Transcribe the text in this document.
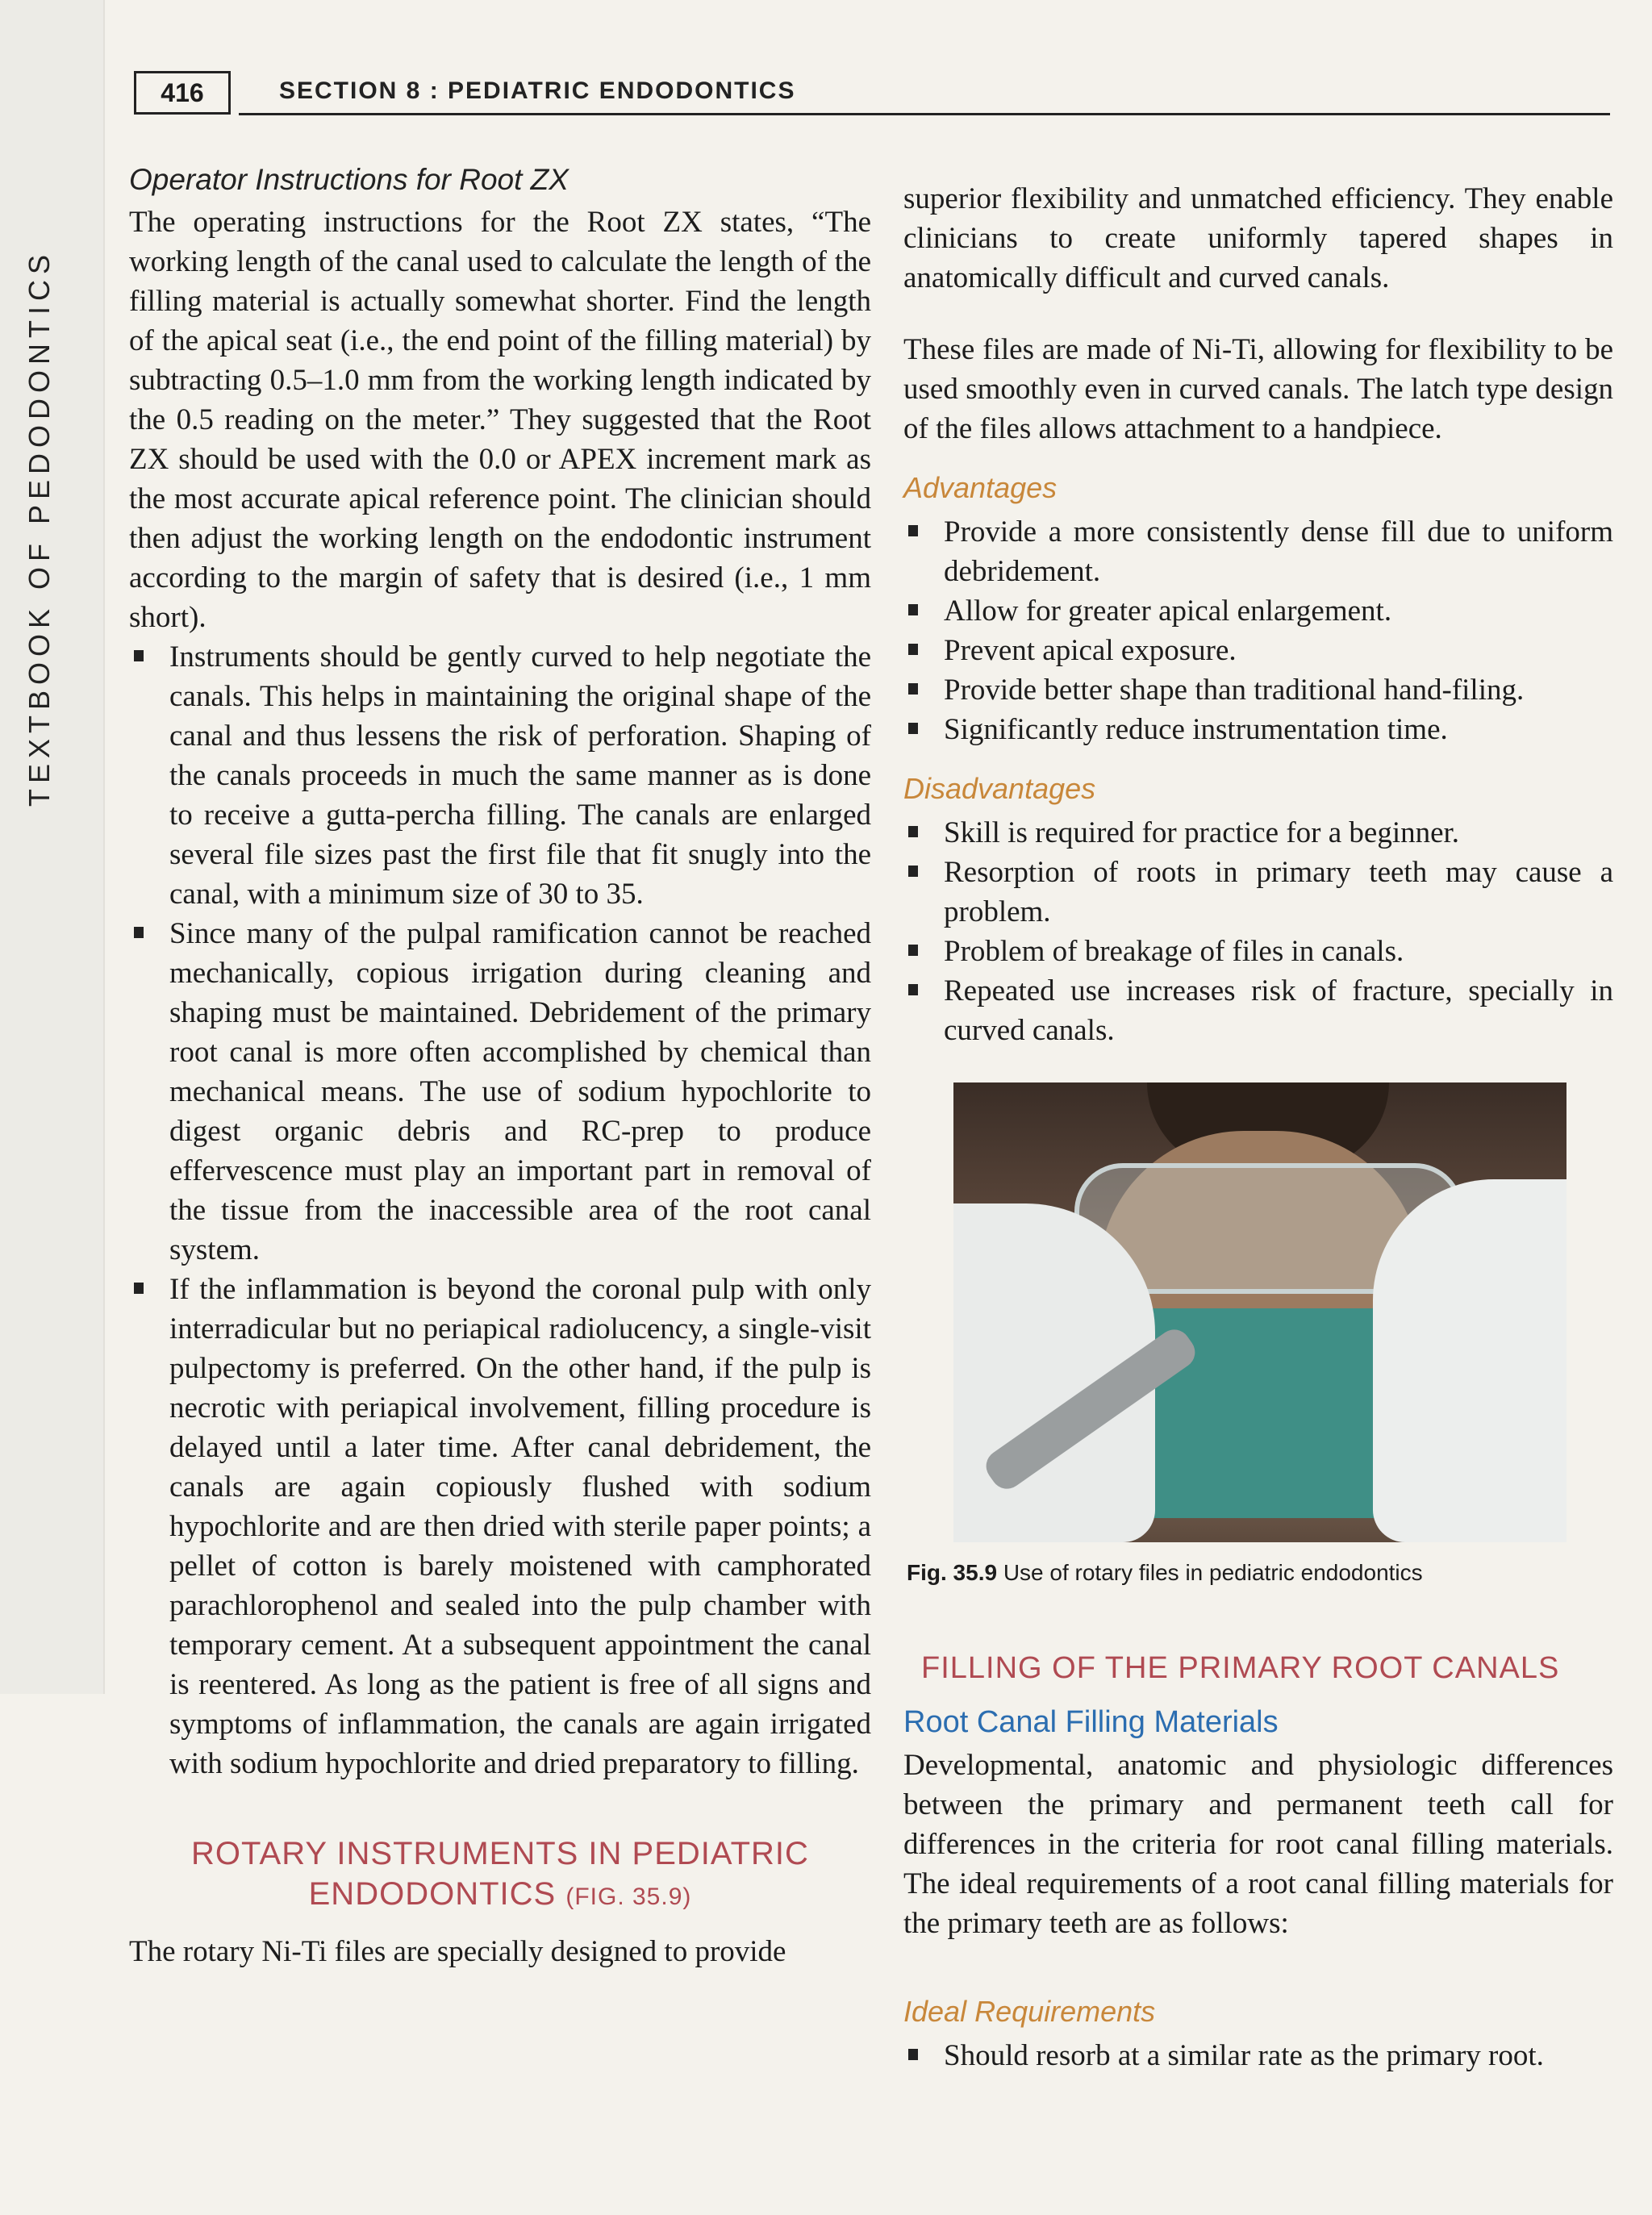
TEXTBOOK OF PEDODONTICS
416	SECTION 8 : PEDIATRIC ENDODONTICS
Operator Instructions for Root ZX

The operating instructions for the Root ZX states, “The working length of the canal used to calculate the length of the filling material is actually somewhat shorter. Find the length of the apical seat (i.e., the end point of the filling material) by subtracting 0.5–1.0 mm from the working length indicated by the 0.5 reading on the meter.” They suggested that the Root ZX should be used with the 0.0 or APEX increment mark as the most accurate apical reference point. The clinician should then adjust the working length on the endodontic instrument according to the margin of safety that is desired (i.e., 1 mm short).

Instruments should be gently curved to help negotiate the canals. This helps in maintaining the original shape of the canal and thus lessens the risk of perforation. Shaping of the canals proceeds in much the same manner as is done to receive a gutta-percha filling. The canals are enlarged several file sizes past the first file that fit snugly into the canal, with a minimum size of 30 to 35.
Since many of the pulpal ramification cannot be reached mechanically, copious irrigation during cleaning and shaping must be maintained. Debridement of the primary root canal is more often accomplished by chemical than mechanical means. The use of sodium hypochlorite to digest organic debris and RC-prep to produce effervescence must play an important part in removal of the tissue from the inaccessible area of the root canal system.
If the inflammation is beyond the coronal pulp with only interradicular but no periapical radiolucency, a single-visit pulpectomy is preferred. On the other hand, if the pulp is necrotic with periapical involvement, filling procedure is delayed until a later time. After canal debridement, the canals are again copiously flushed with sodium hypochlorite and are then dried with sterile paper points; a pellet of cotton is barely moistened with camphorated parachlorophenol and sealed into the pulp chamber with temporary cement. At a subsequent appointment the canal is reentered. As long as the patient is free of all signs and symptoms of inflammation, the canals are again irrigated with sodium hypochlorite and dried preparatory to filling.
ROTARY INSTRUMENTS IN PEDIATRIC ENDODONTICS (FIG. 35.9)

The rotary Ni-Ti files are specially designed to provide

superior flexibility and unmatched efficiency. They enable clinicians to create uniformly tapered shapes in anatomically difficult and curved canals.

These files are made of Ni-Ti, allowing for flexibility to be used smoothly even in curved canals. The latch type design of the files allows attachment to a handpiece.

Advantages
Provide a more consistently dense fill due to uniform debridement.
Allow for greater apical enlargement.
Prevent apical exposure.
Provide better shape than traditional hand-filing.
Significantly reduce instrumentation time.
Disadvantages
Skill is required for practice for a beginner.
Resorption of roots in primary teeth may cause a problem.
Problem of breakage of files in canals.
Repeated use increases risk of fracture, specially in curved canals.
Fig. 35.9 Use of rotary files in pediatric endodontics
FILLING OF THE PRIMARY ROOT CANALS
Root Canal Filling Materials

Developmental, anatomic and physiologic differences between the primary and permanent teeth call for differences in the criteria for root canal filling materials. The ideal requirements of a root canal filling materials for the primary teeth are as follows:

Ideal Requirements
Should resorb at a similar rate as the primary root.
